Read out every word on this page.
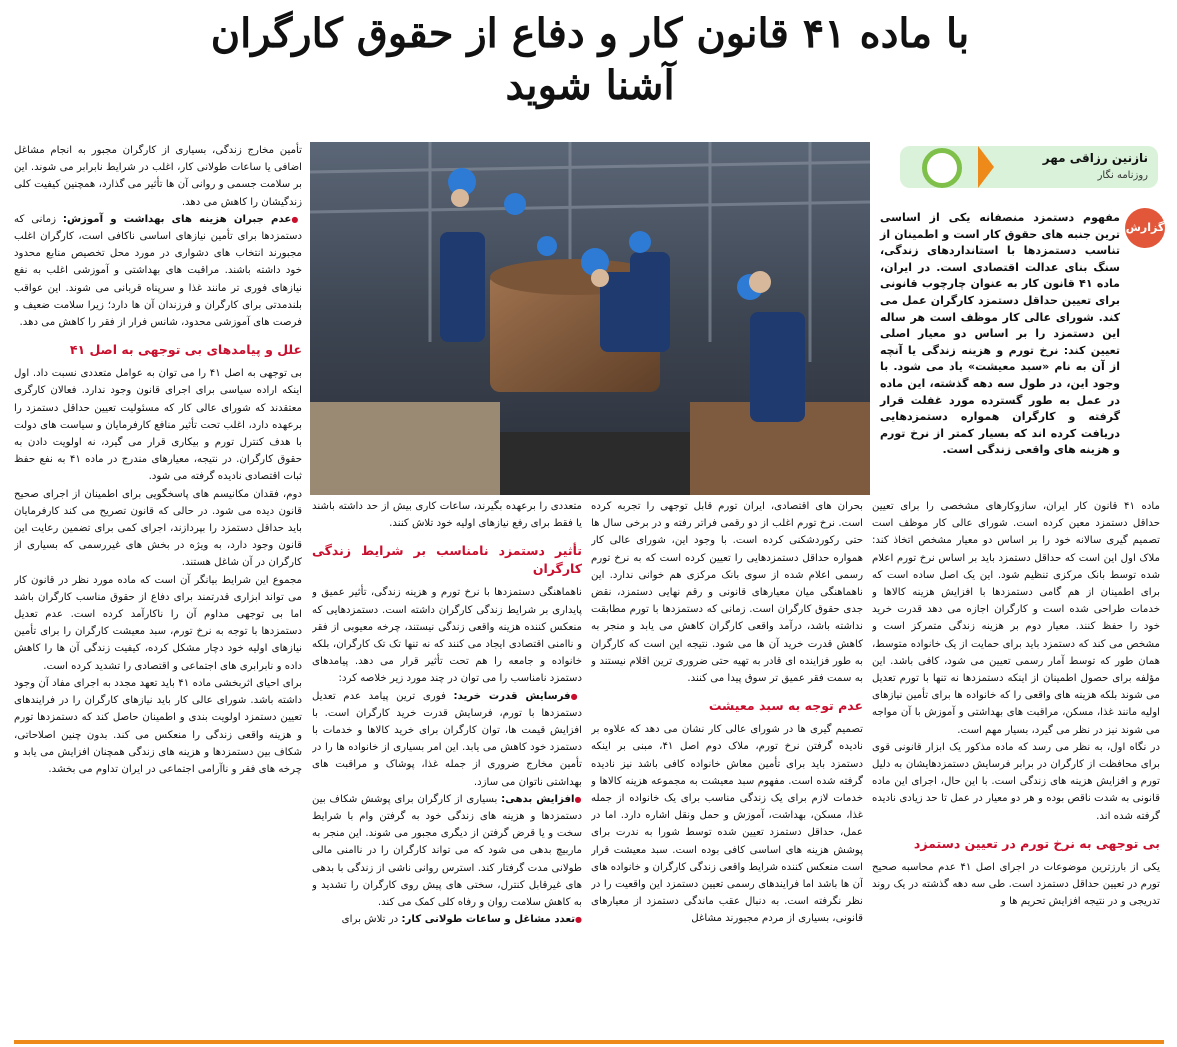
با ماده ۴۱ قانون کار و دفاع از حقوق کارگران آشنا شوید
نازنین رزاقی مهر
روزنامه نگار
گزارش
مفهوم دستمزد منصفانه یکی از اساسی ترین جنبه های حقوق کار است و اطمینان از تناسب دستمزدها با استانداردهای زندگی، سنگ بنای عدالت اقتصادی است. در ایران، ماده ۴۱ قانون کار به عنوان چارچوب قانونی برای تعیین حداقل دستمزد کارگران عمل می کند. شورای عالی کار موظف است هر ساله این دستمزد را بر اساس دو معیار اصلی تعیین کند: نرخ تورم و هزینه زندگی یا آنچه از آن به نام «سبد معیشت» یاد می شود. با وجود این، در طول سه دهه گذشته، این ماده در عمل به طور گسترده مورد غفلت قرار گرفته و کارگران همواره دستمزدهایی دریافت کرده اند که بسیار کمتر از نرخ تورم و هزینه های واقعی زندگی است.

ماده ۴۱ قانون کار ایران، سازوکارهای مشخصی را برای تعیین حداقل دستمزد معین کرده است. شورای عالی کار موظف است تصمیم گیری سالانه خود را بر اساس دو معیار مشخص اتخاذ کند: ملاک اول این است که حداقل دستمزد باید بر اساس نرخ تورم اعلام شده توسط بانک مرکزی تنظیم شود. این یک اصل ساده است که برای اطمینان از هم گامی دستمزدها با افزایش هزینه کالاها و خدمات طراحی شده است و کارگران اجازه می دهد قدرت خرید خود را حفظ کنند. معیار دوم بر هزینه زندگی متمرکز است و مشخص می کند که دستمزد باید برای حمایت از یک خانواده متوسط، همان طور که توسط آمار رسمی تعیین می شود، کافی باشد. این مؤلفه برای حصول اطمینان از اینکه دستمزدها نه تنها با تورم تعدیل می شوند بلکه هزینه های واقعی را که خانواده ها برای تأمین نیازهای اولیه مانند غذا، مسکن، مراقبت های بهداشتی و آموزش با آن مواجه می شوند نیز در نظر می گیرد، بسیار مهم است.

در نگاه اول، به نظر می رسد که ماده مذکور یک ابزار قانونی قوی برای محافظت از کارگران در برابر فرسایش دستمزدهایشان به دلیل تورم و افزایش هزینه های زندگی است. با این حال، اجرای این ماده قانونی به شدت ناقص بوده و هر دو معیار در عمل تا حد زیادی نادیده گرفته شده اند.

بی توجهی به نرخ تورم در تعیین دستمزد

یکی از بارزترین موضوعات در اجرای اصل ۴۱ عدم محاسبه صحیح تورم در تعیین حداقل دستمزد است. طی سه دهه گذشته در یک روند تدریجی و در نتیجه افزایش تحریم ها و

بحران های اقتصادی، ایران تورم قابل توجهی را تجربه کرده است. نرخ تورم اغلب از دو رقمی فراتر رفته و در برخی سال ها حتی رکوردشکنی کرده است. با وجود این، شورای عالی کار همواره حداقل دستمزدهایی را تعیین کرده است که به نرخ تورم رسمی اعلام شده از سوی بانک مرکزی هم خوانی ندارد. این ناهماهنگی میان معیارهای قانونی و رقم نهایی دستمزد، نقض جدی حقوق کارگران است. زمانی که دستمزدها با تورم مطابقت نداشته باشد، درآمد واقعی کارگران کاهش می یابد و منجر به کاهش قدرت خرید آن ها می شود. نتیجه این است که کارگران به طور فزاینده ای قادر به تهیه حتی ضروری ترین اقلام نیستند و به سمت فقر عمیق تر سوق پیدا می کنند.

عدم توجه به سبد معیشت

تصمیم گیری ها در شورای عالی کار نشان می دهد که علاوه بر نادیده گرفتن نرخ تورم، ملاک دوم اصل ۴۱، مبنی بر اینکه دستمزد باید برای تأمین معاش خانواده کافی باشد نیز نادیده گرفته شده است. مفهوم سبد معیشت به مجموعه هزینه کالاها و خدمات لازم برای یک زندگی مناسب برای یک خانواده از جمله غذا، مسکن، بهداشت، آموزش و حمل ونقل اشاره دارد. اما در عمل، حداقل دستمزد تعیین شده توسط شورا به ندرت برای پوشش هزینه های اساسی کافی بوده است. سبد معیشت قرار است منعکس کننده شرایط واقعی زندگی کارگران و خانواده های آن ها باشد اما فرایندهای رسمی تعیین دستمزد این واقعیت را در نظر نگرفته است. به دنبال عقب ماندگی دستمزد از معیارهای قانونی، بسیاری از مردم مجبورند مشاغل

متعددی را برعهده بگیرند، ساعات کاری بیش از حد داشته باشند یا فقط برای رفع نیازهای اولیه خود تلاش کنند.

تأثیر دستمزد نامناسب بر شرایط زندگی کارگران

ناهماهنگی دستمزدها با نرخ تورم و هزینه زندگی، تأثیر عمیق و پایداری بر شرایط زندگی کارگران داشته است. دستمزدهایی که منعکس کننده هزینه واقعی زندگی نیستند، چرخه معیوبی از فقر و ناامنی اقتصادی ایجاد می کنند که نه تنها تک تک کارگران، بلکه خانواده و جامعه را هم تحت تأثیر قرار می دهد. پیامدهای دستمزد نامناسب را می توان در چند مورد زیر خلاصه کرد:

● فرسایش قدرت خرید: فوری ترین پیامد عدم تعدیل دستمزدها با تورم، فرسایش قدرت خرید کارگران است. با افزایش قیمت ها، توان کارگران برای خرید کالاها و خدمات با دستمزد خود کاهش می یابد. این امر بسیاری از خانواده ها را در تأمین مخارج ضروری از جمله غذا، پوشاک و مراقبت های بهداشتی ناتوان می سازد.

● افزایش بدهی: بسیاری از کارگران برای پوشش شکاف بین دستمزدها و هزینه های زندگی خود به گرفتن وام با شرایط سخت و یا قرض گرفتن از دیگری مجبور می شوند. این منجر به ماربیچ بدهی می شود که می تواند کارگران را در ناامنی مالی طولانی مدت گرفتار کند. استرس روانی ناشی از زندگی با بدهی های غیرقابل کنترل، سختی های پیش روی کارگران را تشدید و به کاهش سلامت روان و رفاه کلی کمک می کند.

● تعدد مشاغل و ساعات طولانی کار: در تلاش برای

تأمین مخارج زندگی، بسیاری از کارگران مجبور به انجام مشاغل اضافی یا ساعات طولانی کار، اغلب در شرایط نابرابر می شوند. این بر سلامت جسمی و روانی آن ها تأثیر می گذارد، همچنین کیفیت کلی زندگیشان را کاهش می دهد.

● عدم جبران هزینه های بهداشت و آموزش: زمانی که دستمزدها برای تأمین نیازهای اساسی ناکافی است، کارگران اغلب مجبورند انتخاب های دشواری در مورد محل تخصیص منابع محدود خود داشته باشند. مراقبت های بهداشتی و آموزشی اغلب به نفع نیازهای فوری تر مانند غذا و سرپناه قربانی می شوند. این عواقب بلندمدتی برای کارگران و فرزندان آن ها دارد؛ زیرا سلامت ضعیف و فرصت های آموزشی محدود، شانس فرار از فقر را کاهش می دهد.

علل و پیامدهای بی توجهی به اصل ۴۱

بی توجهی به اصل ۴۱ را می توان به عوامل متعددی نسبت داد. اول اینکه اراده سیاسی برای اجرای قانون وجود ندارد. فعالان کارگری معتقدند که شورای عالی کار که مسئولیت تعیین حداقل دستمزد را برعهده دارد، اغلب تحت تأثیر منافع کارفرمایان و سیاست های دولت با هدف کنترل تورم و بیکاری قرار می گیرد، نه اولویت دادن به حقوق کارگران. در نتیجه، معیارهای مندرج در ماده ۴۱ به نفع حفظ ثبات اقتصادی نادیده گرفته می شود.

دوم، فقدان مکانیسم های پاسخگویی برای اطمینان از اجرای صحیح قانون دیده می شود. در حالی که قانون تصریح می کند کارفرمایان باید حداقل دستمزد را بپردازند، اجرای کمی برای تضمین رعایت این قانون وجود دارد، به ویژه در بخش های غیررسمی که بسیاری از کارگران در آن شاغل هستند.

مجموع این شرایط بیانگر آن است که ماده مورد نظر در قانون کار می تواند ابزاری قدرتمند برای دفاع از حقوق مناسب کارگران باشد اما بی توجهی مداوم آن را ناکارآمد کرده است. عدم تعدیل دستمزدها با توجه به نرخ تورم، سبد معیشت کارگران را برای تأمین نیازهای اولیه خود دچار مشکل کرده، کیفیت زندگی آن ها را کاهش داده و نابرابری های اجتماعی و اقتصادی را تشدید کرده است.

برای احیای اثربخشی ماده ۴۱ باید تعهد مجدد به اجرای مفاد آن وجود داشته باشد. شورای عالی کار باید نیازهای کارگران را در فرایندهای تعیین دستمزد اولویت بندی و اطمینان حاصل کند که دستمزدها تورم و هزینه واقعی زندگی را منعکس می کند. بدون چنین اصلاحاتی، شکاف بین دستمزدها و هزینه های زندگی همچنان افزایش می یابد و چرخه های فقر و ناآرامی اجتماعی در ایران تداوم می بخشد.
